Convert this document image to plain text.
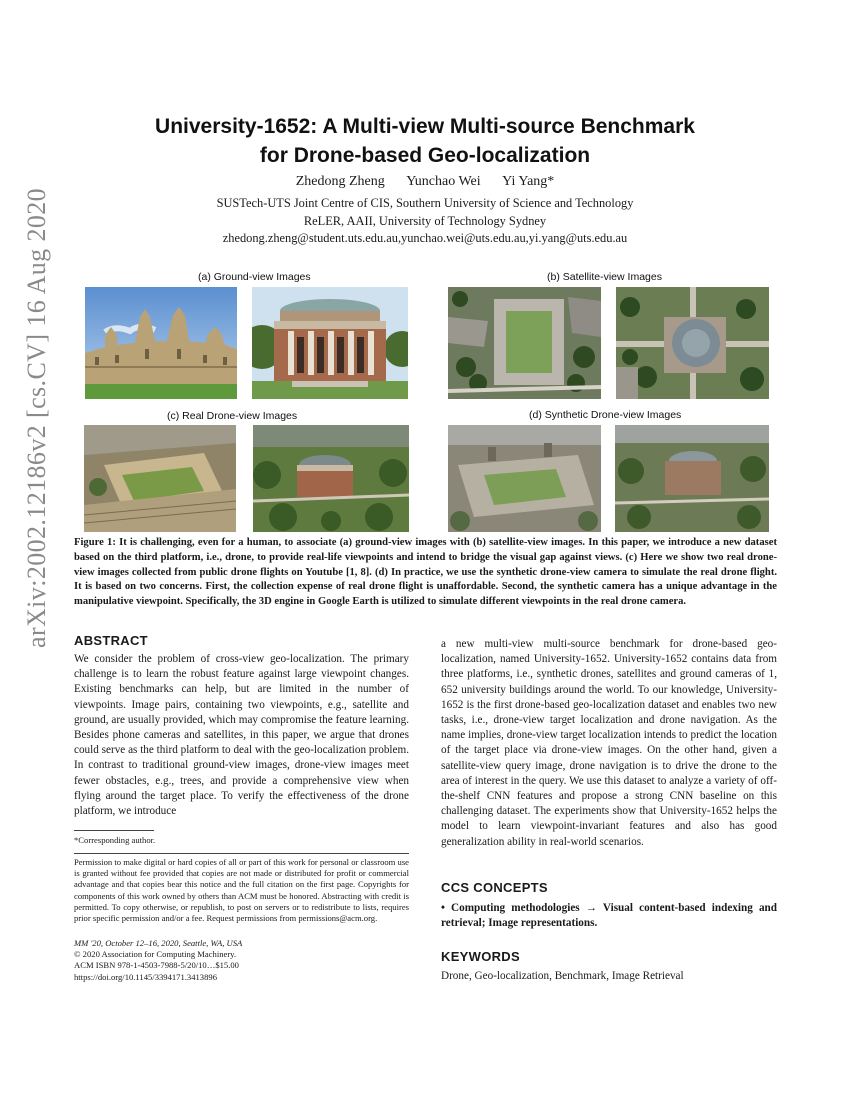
arXiv:2002.12186v2 [cs.CV] 16 Aug 2020
University-1652: A Multi-view Multi-source Benchmark
for Drone-based Geo-localization
Zhedong Zheng Yunchao Wei Yi Yang*
SUSTech-UTS Joint Centre of CIS, Southern University of Science and Technology
ReLER, AAII, University of Technology Sydney
zhedong.zheng@student.uts.edu.au,yunchao.wei@uts.edu.au,yi.yang@uts.edu.au
(a) Ground-view Images	(b) Satellite-view Images
(c) Real Drone-view Images	(d) Synthetic Drone-view Images
Figure 1: It is challenging, even for a human, to associate (a) ground-view images with (b) satellite-view images. In this paper, we introduce a new dataset based on the third platform, i.e., drone, to provide real-life viewpoints and intend to bridge the visual gap against views. (c) Here we show two real drone-view images collected from public drone flights on Youtube [1, 8]. (d) In practice, we use the synthetic drone-view camera to simulate the real drone flight. It is based on two concerns. First, the collection expense of real drone flight is unaffordable. Second, the synthetic camera has a unique advantage in the manipulative viewpoint. Specifically, the 3D engine in Google Earth is utilized to simulate different viewpoints in the real drone camera.
ABSTRACT
We consider the problem of cross-view geo-localization. The primary challenge is to learn the robust feature against large viewpoint changes. Existing benchmarks can help, but are limited in the number of viewpoints. Image pairs, containing two viewpoints, e.g., satellite and ground, are usually provided, which may compromise the feature learning. Besides phone cameras and satellites, in this paper, we argue that drones could serve as the third platform to deal with the geo-localization problem. In contrast to traditional ground-view images, drone-view images meet fewer obstacles, e.g., trees, and provide a comprehensive view when flying around the target place. To verify the effectiveness of the drone platform, we introduce
*Corresponding author.
Permission to make digital or hard copies of all or part of this work for personal or classroom use is granted without fee provided that copies are not made or distributed for profit or commercial advantage and that copies bear this notice and the full citation on the first page. Copyrights for components of this work owned by others than ACM must be honored. Abstracting with credit is permitted. To copy otherwise, or republish, to post on servers or to redistribute to lists, requires prior specific permission and/or a fee. Request permissions from permissions@acm.org.
MM '20, October 12–16, 2020, Seattle, WA, USA
© 2020 Association for Computing Machinery.
ACM ISBN 978-1-4503-7988-5/20/10…$15.00
https://doi.org/10.1145/3394171.3413896
a new multi-view multi-source benchmark for drone-based geo-localization, named University-1652. University-1652 contains data from three platforms, i.e., synthetic drones, satellites and ground cameras of 1, 652 university buildings around the world. To our knowledge, University-1652 is the first drone-based geo-localization dataset and enables two new tasks, i.e., drone-view target localization and drone navigation. As the name implies, drone-view target localization intends to predict the location of the target place via drone-view images. On the other hand, given a satellite-view query image, drone navigation is to drive the drone to the area of interest in the query. We use this dataset to analyze a variety of off-the-shelf CNN features and propose a strong CNN baseline on this challenging dataset. The experiments show that University-1652 helps the model to learn viewpoint-invariant features and also has good generalization ability in real-world scenarios.
CCS CONCEPTS
• Computing methodologies → Visual content-based indexing and retrieval; Image representations.
KEYWORDS
Drone, Geo-localization, Benchmark, Image Retrieval
